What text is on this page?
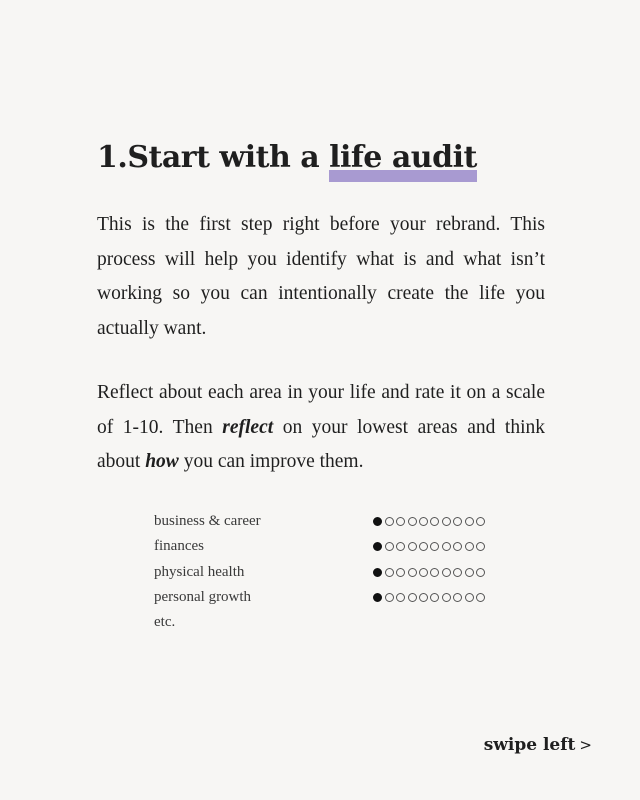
1.Start with a life audit

This is the first step right before your rebrand. This process will help you identify what is and what isn’t working so you can intentionally create the life you actually want.

Reflect about each area in your life and rate it on a scale of 1-10. Then reflect on your lowest areas and think about how you can improve them.

business & career
finances
physical health
personal growth
etc.
swipe left >
